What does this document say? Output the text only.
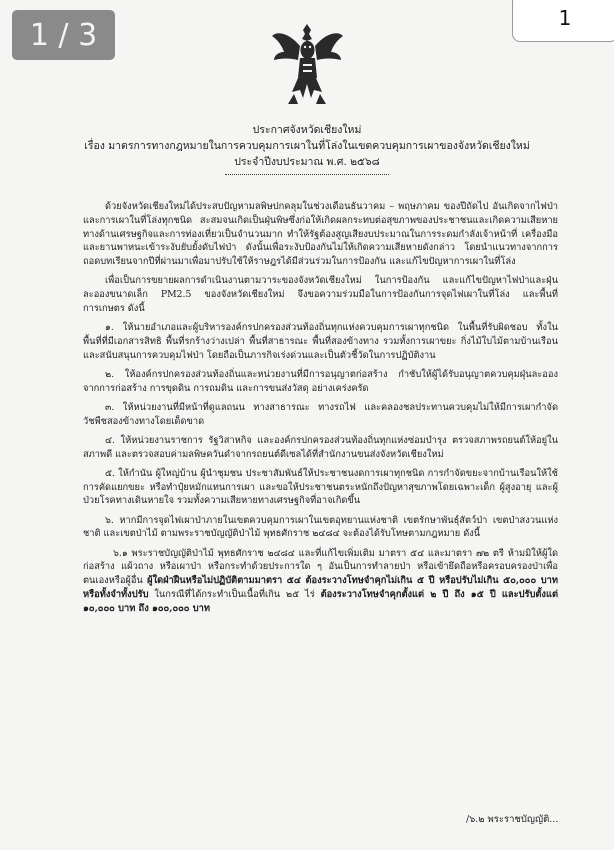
1 / 3	1
ประกาศจังหวัดเชียงใหม่
เรื่อง มาตรการทางกฎหมายในการควบคุมการเผาในที่โล่งในเขตควบคุมการเผาของจังหวัดเชียงใหม่
ประจำปีงบประมาณ พ.ศ. ๒๕๖๘

ด้วยจังหวัดเชียงใหม่ได้ประสบปัญหามลพิษปกคลุมในช่วงเดือนธันวาคม – พฤษภาคม ของปีถัดไป อันเกิดจากไฟป่าและการเผาในที่โล่งทุกชนิด สะสมจนเกิดเป็นฝุ่นพิษซึ่งก่อให้เกิดผลกระทบต่อสุขภาพของประชาชนและเกิดความเสียหายทางด้านเศรษฐกิจและการท่องเที่ยวเป็นจำนวนมาก ทำให้รัฐต้องสูญเสียงบประมาณในการระดมกำลังเจ้าหน้าที่ เครื่องมือ และยานพาหนะเข้าระงับยับยั้งดับไฟป่า ดังนั้นเพื่อระงับป้องกันไม่ให้เกิดความเสียหายดังกล่าว โดยนำแนวทางจากการถอดบทเรียนจากปีที่ผ่านมาเพื่อมาปรับใช้ให้ราษฎรได้มีส่วนร่วมในการป้องกัน และแก้ไขปัญหาการเผาในที่โล่ง

เพื่อเป็นการขยายผลการดำเนินงานตามวาระของจังหวัดเชียงใหม่ ในการป้องกัน และแก้ไขปัญหาไฟป่าและฝุ่นละอองขนาดเล็ก PM2.5 ของจังหวัดเชียงใหม่ จึงขอความร่วมมือในการป้องกันการจุดไฟเผาในที่โล่ง และพื้นที่การเกษตร ดังนี้

๑. ให้นายอำเภอและผู้บริหารองค์กรปกครองส่วนท้องถิ่นทุกแห่งควบคุมการเผาทุกชนิด ในพื้นที่รับผิดชอบ ทั้งในพื้นที่ที่มีเอกสารสิทธิ พื้นที่รกร้างว่างเปล่า พื้นที่สาธารณะ พื้นที่สองข้างทาง รวมทั้งการเผาขยะ กิ่งไม้ใบไม้ตามบ้านเรือน และสนับสนุนการควบคุมไฟป่า โดยถือเป็นภารกิจเร่งด่วนและเป็นตัวชี้วัดในการปฏิบัติงาน

๒. ให้องค์กรปกครองส่วนท้องถิ่นและหน่วยงานที่มีการอนุญาตก่อสร้าง กำชับให้ผู้ได้รับอนุญาตควบคุมฝุ่นละอองจากการก่อสร้าง การขุดดิน การถมดิน และการขนส่งวัสดุ อย่างเคร่งครัด

๓. ให้หน่วยงานที่มีหน้าที่ดูแลถนน ทางสาธารณะ ทางรถไฟ และคลองชลประทานควบคุมไม่ให้มีการเผากำจัดวัชพืชสองข้างทางโดยเด็ดขาด

๔. ให้หน่วยงานราชการ รัฐวิสาหกิจ และองค์กรปกครองส่วนท้องถิ่นทุกแห่งซ่อมบำรุง ตรวจสภาพรถยนต์ให้อยู่ในสภาพดี และตรวจสอบค่ามลพิษควันดำจากรถยนต์ดีเซลได้ที่สำนักงานขนส่งจังหวัดเชียงใหม่

๕. ให้กำนัน ผู้ใหญ่บ้าน ผู้นำชุมชน ประชาสัมพันธ์ให้ประชาชนงดการเผาทุกชนิด การกำจัดขยะจากบ้านเรือนให้ใช้การคัดแยกขยะ หรือทำปุ๋ยหมักแทนการเผา และขอให้ประชาชนตระหนักถึงปัญหาสุขภาพโดยเฉพาะเด็ก ผู้สูงอายุ และผู้ป่วยโรคทางเดินหายใจ รวมทั้งความเสียหายทางเศรษฐกิจที่อาจเกิดขึ้น

๖. หากมีการจุดไฟเผาป่าภายในเขตควบคุมการเผาในเขตอุทยานแห่งชาติ เขตรักษาพันธุ์สัตว์ป่า เขตป่าสงวนแห่งชาติ และเขตป่าไม้ ตามพระราชบัญญัติป่าไม้ พุทธศักราช ๒๔๘๔ จะต้องได้รับโทษตามกฎหมาย ดังนี้

๖.๑ พระราชบัญญัติป่าไม้ พุทธศักราช ๒๔๘๔ และที่แก้ไขเพิ่มเติม มาตรา ๕๔ และมาตรา ๗๒ ตรี ห้ามมิให้ผู้ใดก่อสร้าง แผ้วถาง หรือเผาป่า หรือกระทำด้วยประการใด ๆ อันเป็นการทำลายป่า หรือเข้ายึดถือหรือครอบครองป่าเพื่อตนเองหรือผู้อื่น ผู้ใดฝ่าฝืนหรือไม่ปฏิบัติตามมาตรา ๕๔ ต้องระวางโทษจำคุกไม่เกิน ๕ ปี หรือปรับไม่เกิน ๕๐,๐๐๐ บาท หรือทั้งจำทั้งปรับ ในกรณีที่ได้กระทำเป็นเนื้อที่เกิน ๒๕ ไร่ ต้องระวางโทษจำคุกตั้งแต่ ๒ ปี ถึง ๑๕ ปี และปรับตั้งแต่ ๑๐,๐๐๐ บาท ถึง ๑๐๐,๐๐๐ บาท

/๖.๒ พระราชบัญญัติ...
